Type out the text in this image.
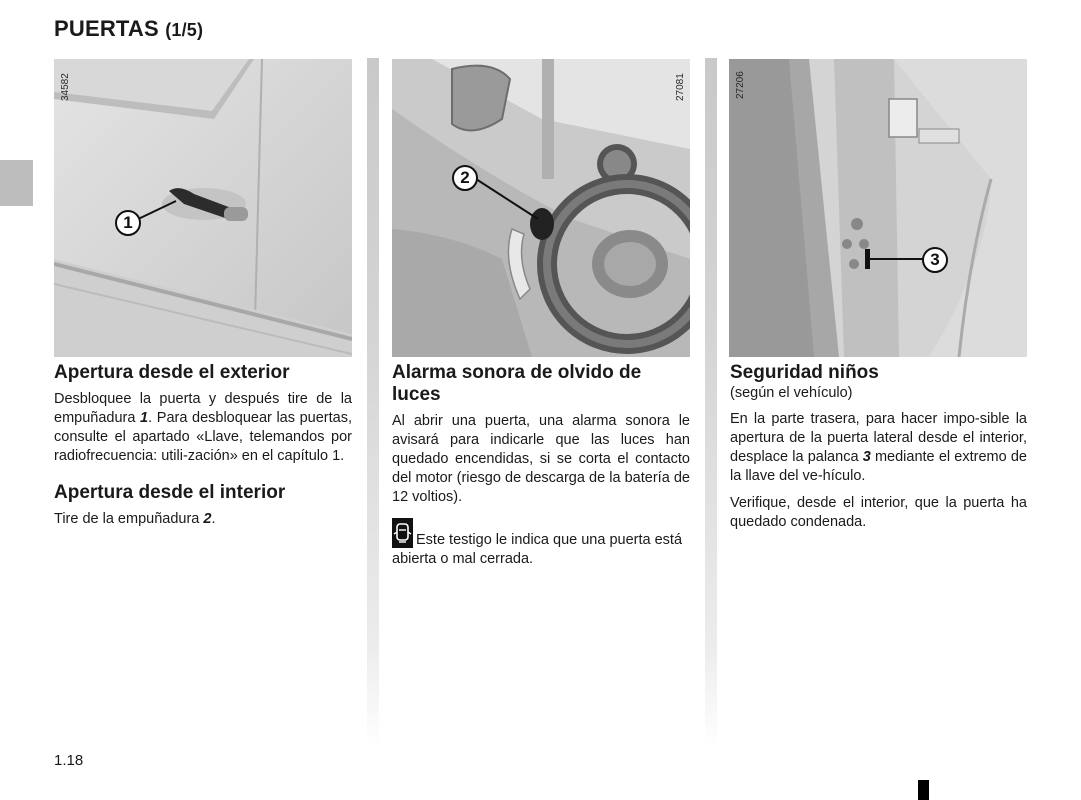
PUERTAS (1/5)
34582
1
27081
2
27206
3
Apertura desde el exterior

Desbloquee la puerta y después tire de la empuñadura 1. Para desbloquear las puertas, consulte el apartado «Llave, telemandos por radiofrecuencia: utili-zación» en el capítulo 1.

Apertura desde el interior

Tire de la empuñadura 2.

Alarma sonora de olvido de luces

Al abrir una puerta, una alarma sonora le avisará para indicarle que las luces han quedado encendidas, si se corta el contacto del motor (riesgo de descarga de la batería de 12 voltios).

Este testigo le indica que una puerta está abierta o mal cerrada.

Seguridad niños

(según el vehículo)

En la parte trasera, para hacer impo-sible la apertura de la puerta lateral desde el interior, desplace la palanca 3 mediante el extremo de la llave del ve-hículo.

Verifique, desde el interior, que la puerta ha quedado condenada.

1.18
